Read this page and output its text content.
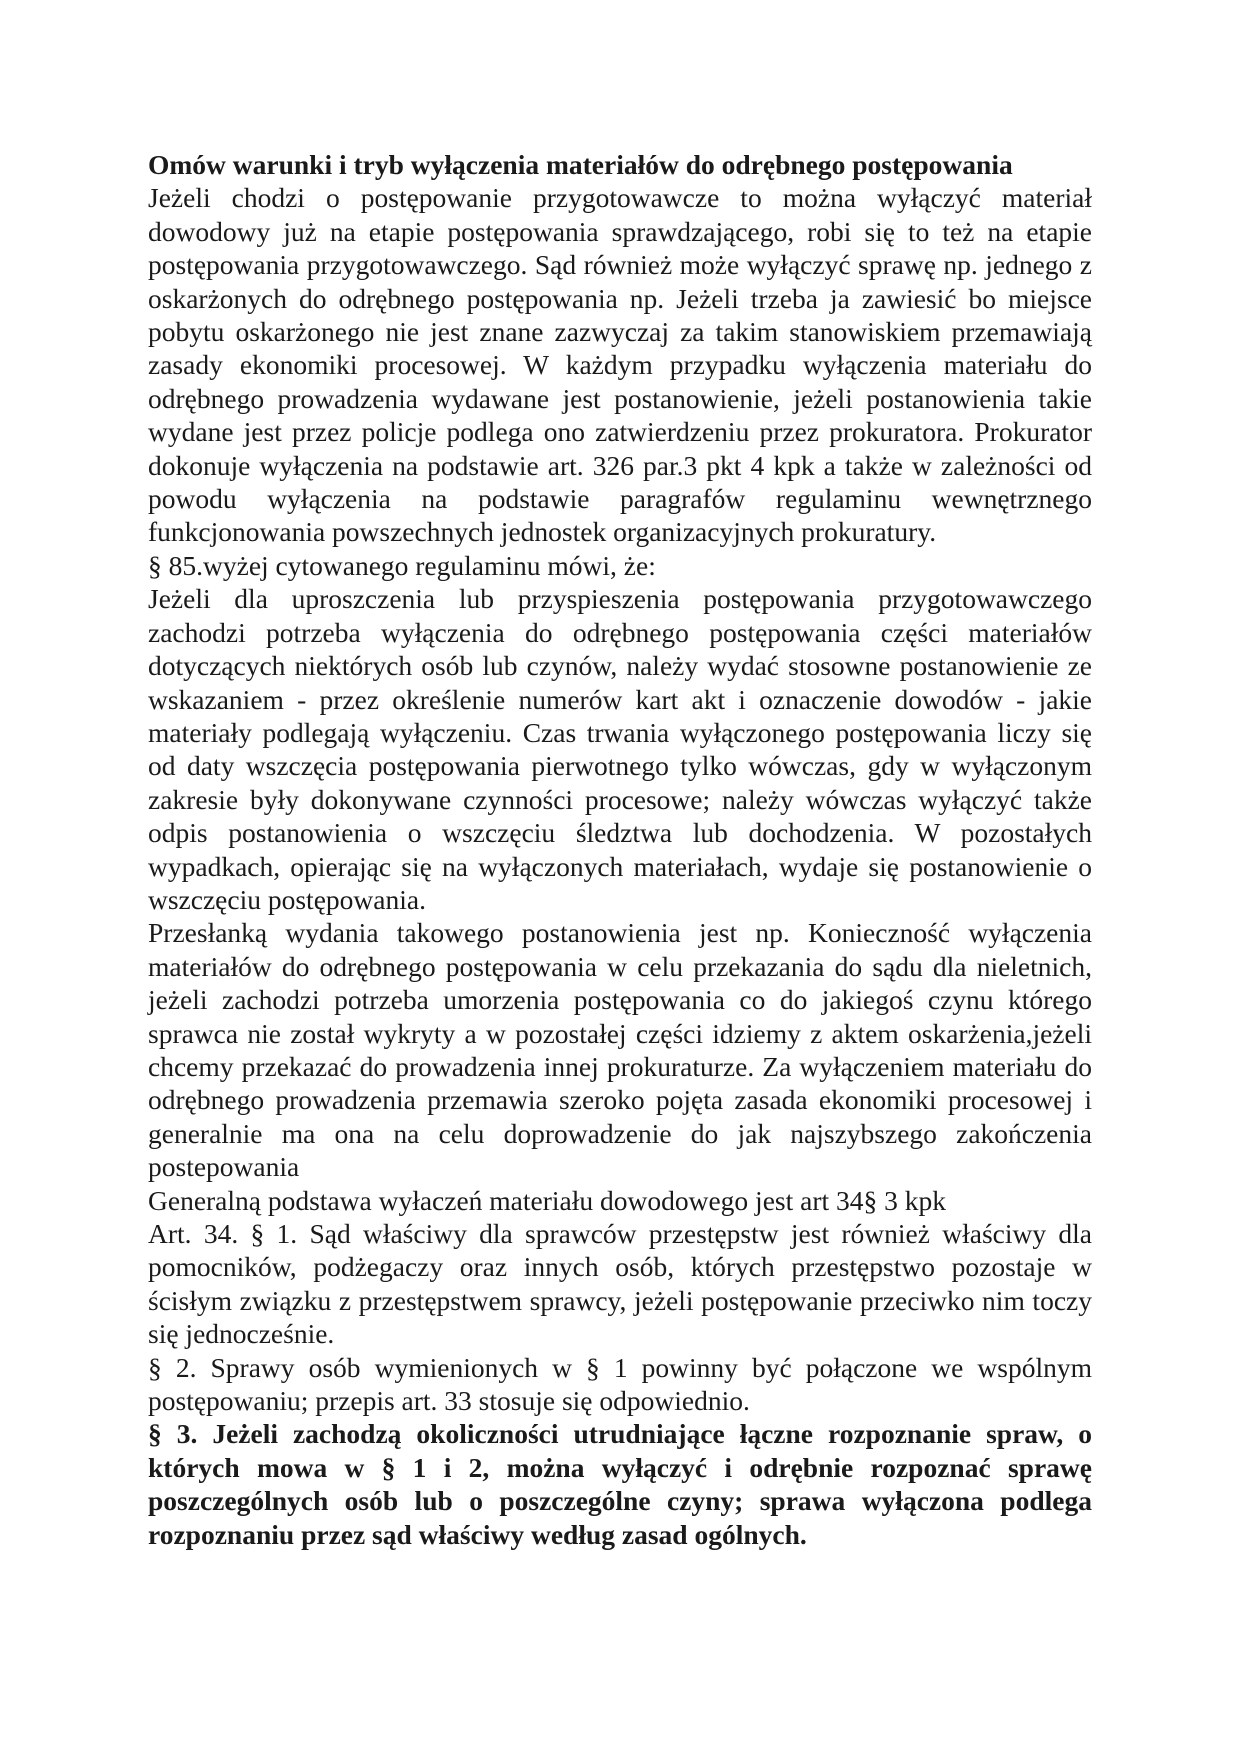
Omów warunki i tryb wyłączenia materiałów do odrębnego postępowania

Jeżeli chodzi o postępowanie przygotowawcze to można wyłączyć materiał dowodowy już na etapie postępowania sprawdzającego, robi się to też na etapie postępowania przygotowawczego. Sąd również może wyłączyć sprawę np. jednego z oskarżonych do odrębnego postępowania np. Jeżeli trzeba ja zawiesić bo miejsce pobytu oskarżonego nie jest znane zazwyczaj za takim stanowiskiem przemawiają zasady ekonomiki procesowej. W każdym przypadku wyłączenia materiału do odrębnego prowadzenia wydawane jest postanowienie, jeżeli postanowienia takie wydane jest przez policje podlega ono zatwierdzeniu przez prokuratora. Prokurator dokonuje wyłączenia na podstawie art. 326 par.3 pkt 4 kpk a także w zależności od powodu wyłączenia na podstawie paragrafów regulaminu wewnętrznego funkcjonowania powszechnych jednostek organizacyjnych prokuratury.

§ 85.wyżej cytowanego regulaminu mówi, że:

Jeżeli dla uproszczenia lub przyspieszenia postępowania przygotowawczego zachodzi potrzeba wyłączenia do odrębnego postępowania części materiałów dotyczących niektórych osób lub czynów, należy wydać stosowne postanowienie ze wskazaniem - przez określenie numerów kart akt i oznaczenie dowodów - jakie materiały podlegają wyłączeniu. Czas trwania wyłączonego postępowania liczy się od daty wszczęcia postępowania pierwotnego tylko wówczas, gdy w wyłączonym zakresie były dokonywane czynności procesowe; należy wówczas wyłączyć także odpis postanowienia o wszczęciu śledztwa lub dochodzenia. W pozostałych wypadkach, opierając się na wyłączonych materiałach, wydaje się postanowienie o wszczęciu postępowania.

Przesłanką wydania takowego postanowienia jest np. Konieczność wyłączenia materiałów do odrębnego postępowania w celu przekazania do sądu dla nieletnich, jeżeli zachodzi potrzeba umorzenia postępowania co do jakiegoś czynu którego sprawca nie został wykryty a w pozostałej części idziemy z aktem oskarżenia,jeżeli chcemy przekazać do prowadzenia innej prokuraturze. Za wyłączeniem materiału do odrębnego prowadzenia przemawia szeroko pojęta zasada ekonomiki procesowej i generalnie ma ona na celu doprowadzenie do jak najszybszego zakończenia postepowania

Generalną podstawa wyłaczeń materiału dowodowego jest art 34§ 3 kpk

Art. 34. § 1. Sąd właściwy dla sprawców przestępstw jest również właściwy dla pomocników, podżegaczy oraz innych osób, których przestępstwo pozostaje w ścisłym związku z przestępstwem sprawcy, jeżeli postępowanie przeciwko nim toczy się jednocześnie.

§ 2. Sprawy osób wymienionych w § 1 powinny być połączone we wspólnym postępowaniu; przepis art. 33 stosuje się odpowiednio.

§ 3. Jeżeli zachodzą okoliczności utrudniające łączne rozpoznanie spraw, o których mowa w § 1 i 2, można wyłączyć i odrębnie rozpoznać sprawę poszczególnych osób lub o poszczególne czyny; sprawa wyłączona podlega rozpoznaniu przez sąd właściwy według zasad ogólnych.
